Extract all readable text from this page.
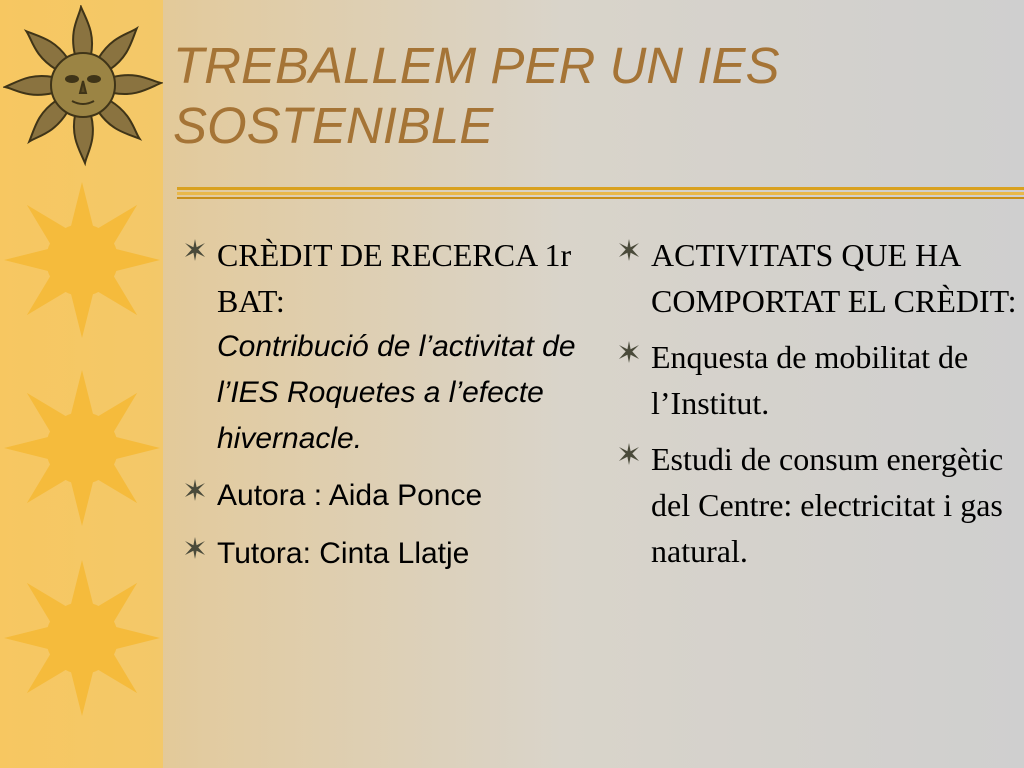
TREBALLEM PER UN IES
SOSTENIBLE
CRÈDIT DE RECERCA 1r BAT:
Contribució de l’activitat de l’IES Roquetes a l’efecte hivernacle.
Autora : Aida Ponce
Tutora: Cinta Llatje
ACTIVITATS QUE HA COMPORTAT EL CRÈDIT:
Enquesta de mobilitat de l’Institut.
Estudi de consum energètic del Centre: electricitat i gas natural.
